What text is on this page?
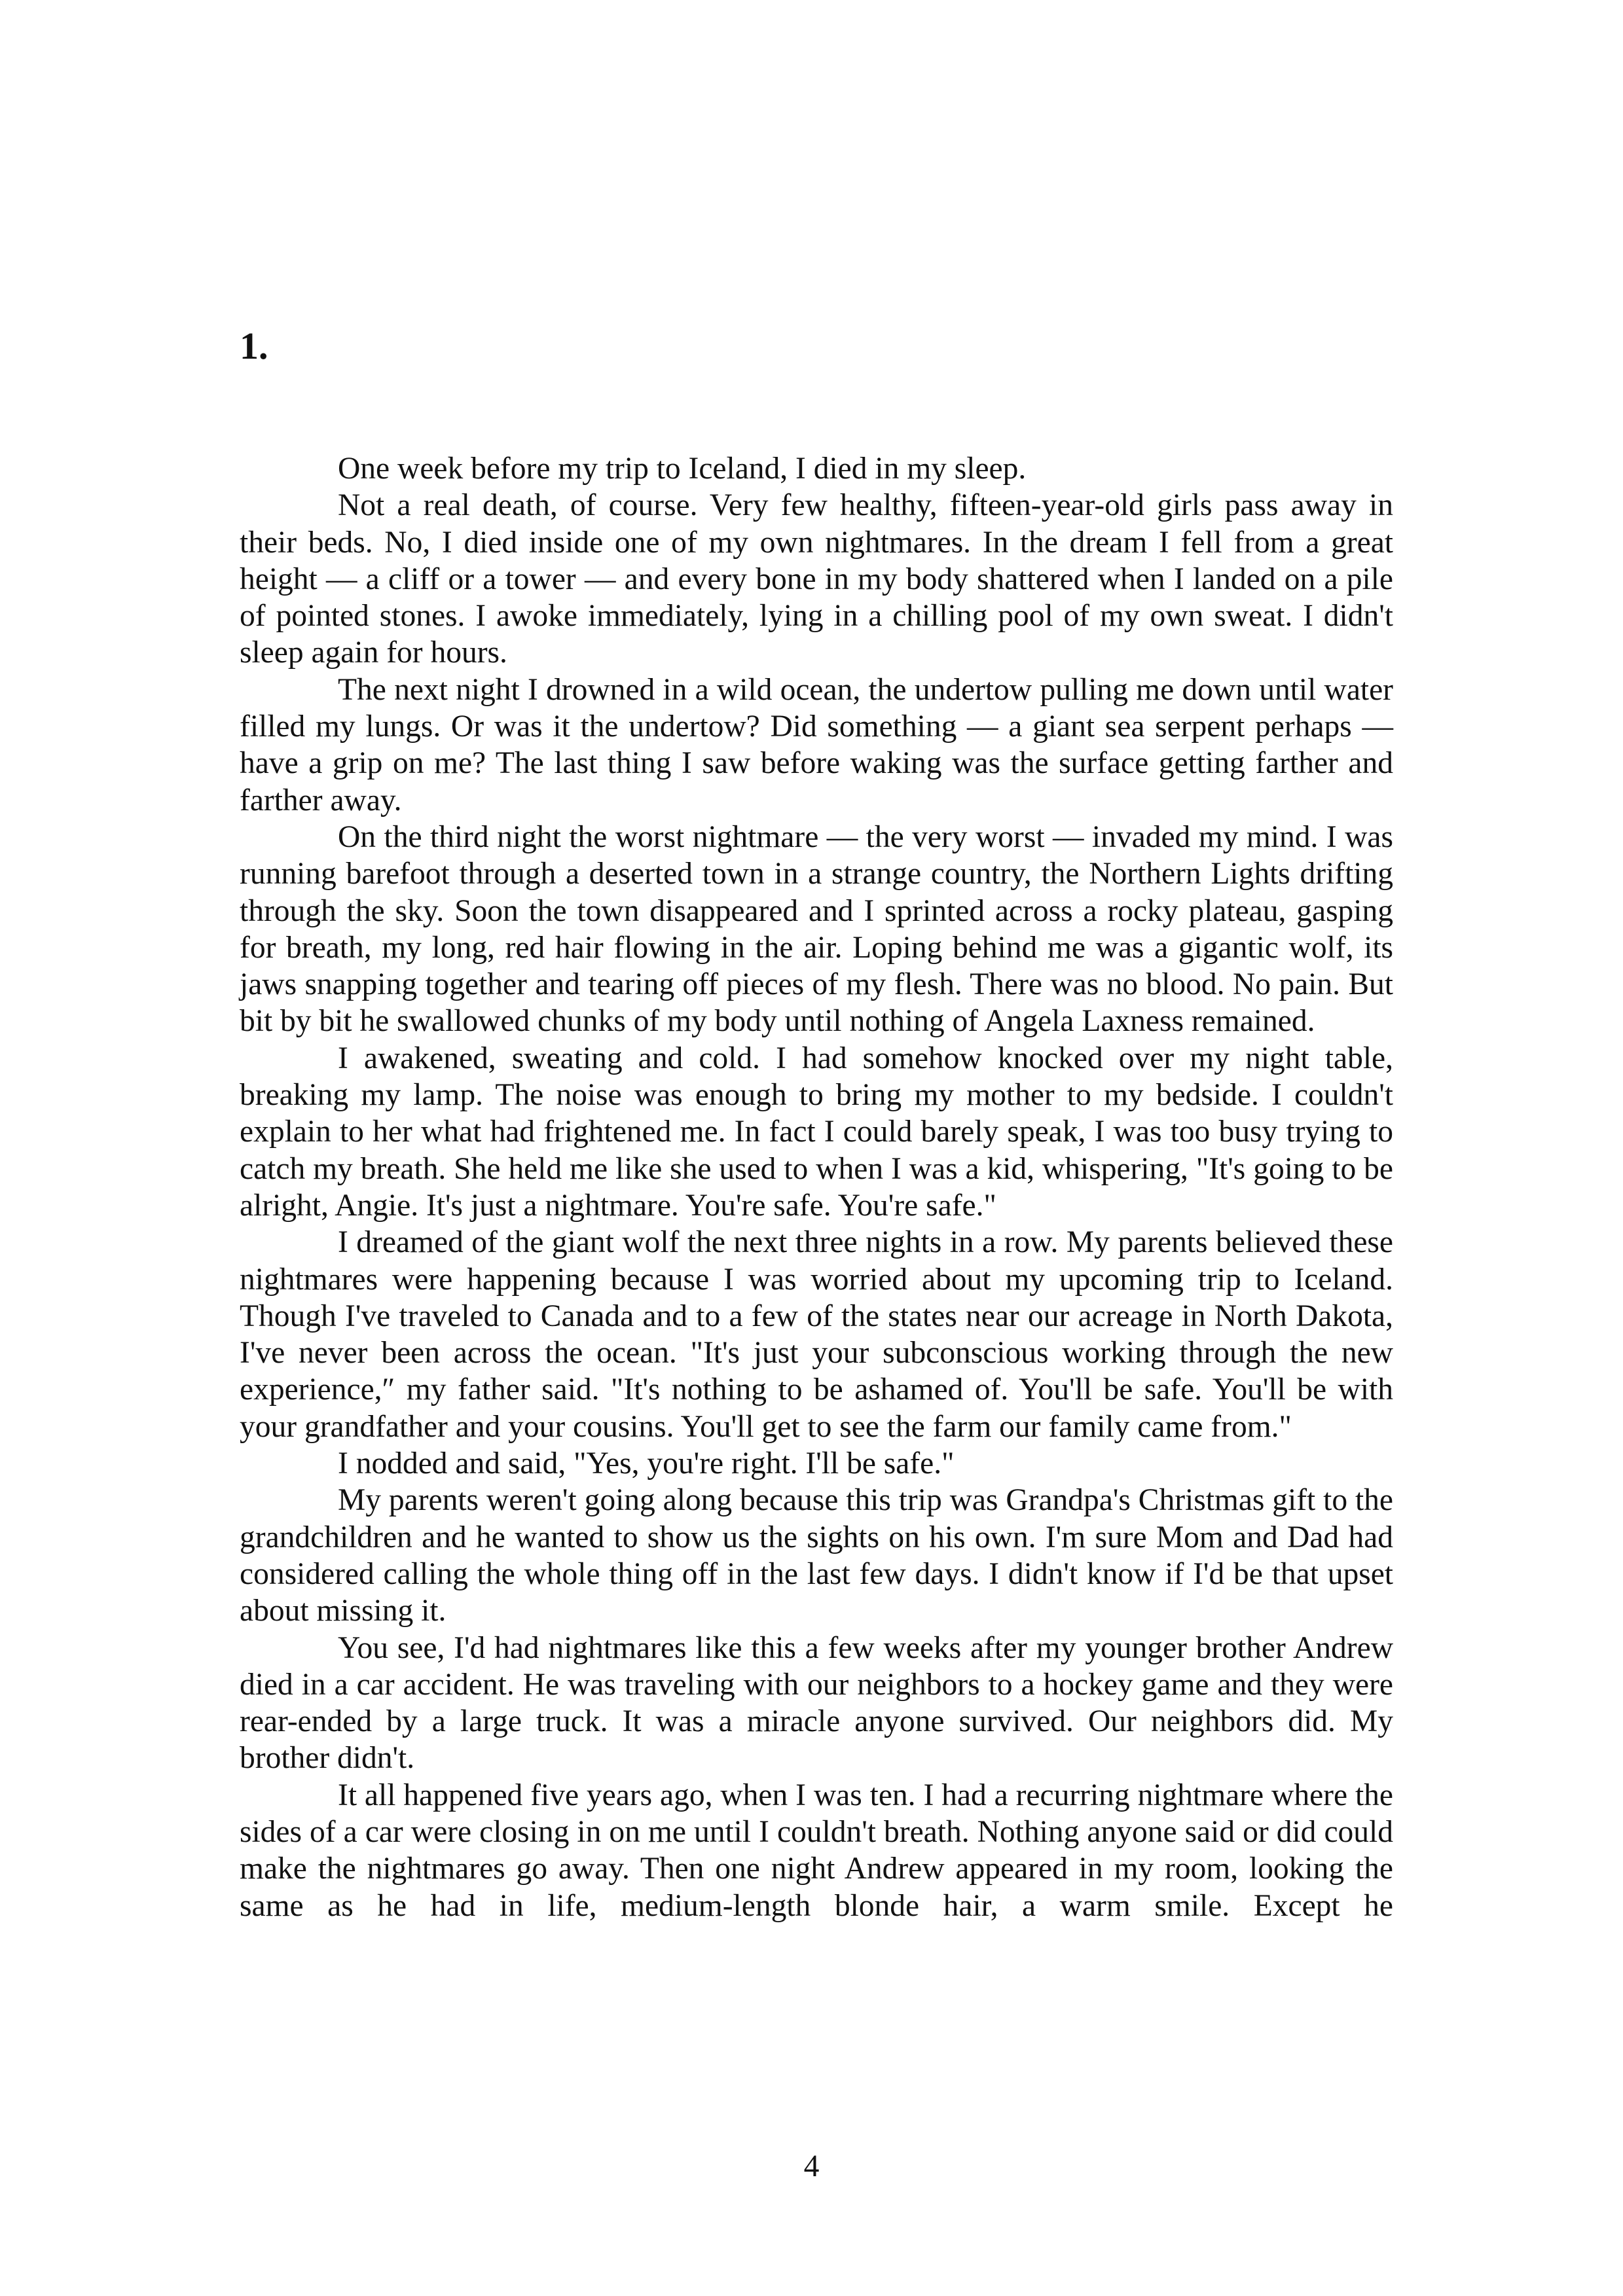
1.

One week before my trip to Iceland, I died in my sleep.

Not a real death, of course. Very few healthy, fifteen-year-old girls pass away in their beds. No, I died inside one of my own nightmares. In the dream I fell from a great height — a cliff or a tower — and every bone in my body shattered when I landed on a pile of pointed stones. I awoke immediately, lying in a chilling pool of my own sweat. I didn't sleep again for hours.

The next night I drowned in a wild ocean, the undertow pulling me down until water filled my lungs. Or was it the undertow? Did something — a giant sea serpent perhaps — have a grip on me? The last thing I saw before waking was the surface getting farther and farther away.

On the third night the worst nightmare — the very worst — invaded my mind. I was running barefoot through a deserted town in a strange country, the Northern Lights drifting through the sky. Soon the town disappeared and I sprinted across a rocky plateau, gasping for breath, my long, red hair flowing in the air. Loping behind me was a gigantic wolf, its jaws snapping together and tearing off pieces of my flesh. There was no blood. No pain. But bit by bit he swallowed chunks of my body until nothing of Angela Laxness remained.

I awakened, sweating and cold. I had somehow knocked over my night table, breaking my lamp. The noise was enough to bring my mother to my bedside. I couldn't explain to her what had frightened me. In fact I could barely speak, I was too busy trying to catch my breath. She held me like she used to when I was a kid, whispering, "It's going to be alright, Angie. It's just a nightmare. You're safe. You're safe."

I dreamed of the giant wolf the next three nights in a row. My parents believed these nightmares were happening because I was worried about my upcoming trip to Iceland. Though I've traveled to Canada and to a few of the states near our acreage in North Dakota, I've never been across the ocean. "It's just your subconscious working through the new experience,″ my father said. "It's nothing to be ashamed of. You'll be safe. You'll be with your grandfather and your cousins. You'll get to see the farm our family came from."

I nodded and said, "Yes, you're right. I'll be safe."

My parents weren't going along because this trip was Grandpa's Christmas gift to the grandchildren and he wanted to show us the sights on his own. I'm sure Mom and Dad had considered calling the whole thing off in the last few days. I didn't know if I'd be that upset about missing it.

You see, I'd had nightmares like this a few weeks after my younger brother Andrew died in a car accident. He was traveling with our neighbors to a hockey game and they were rear-ended by a large truck. It was a miracle anyone survived. Our neighbors did. My brother didn't.

It all happened five years ago, when I was ten. I had a recurring nightmare where the sides of a car were closing in on me until I couldn't breath. Nothing anyone said or did could make the nightmares go away. Then one night Andrew appeared in my room, looking the same as he had in life, medium-length blonde hair, a warm smile. Except he

4
